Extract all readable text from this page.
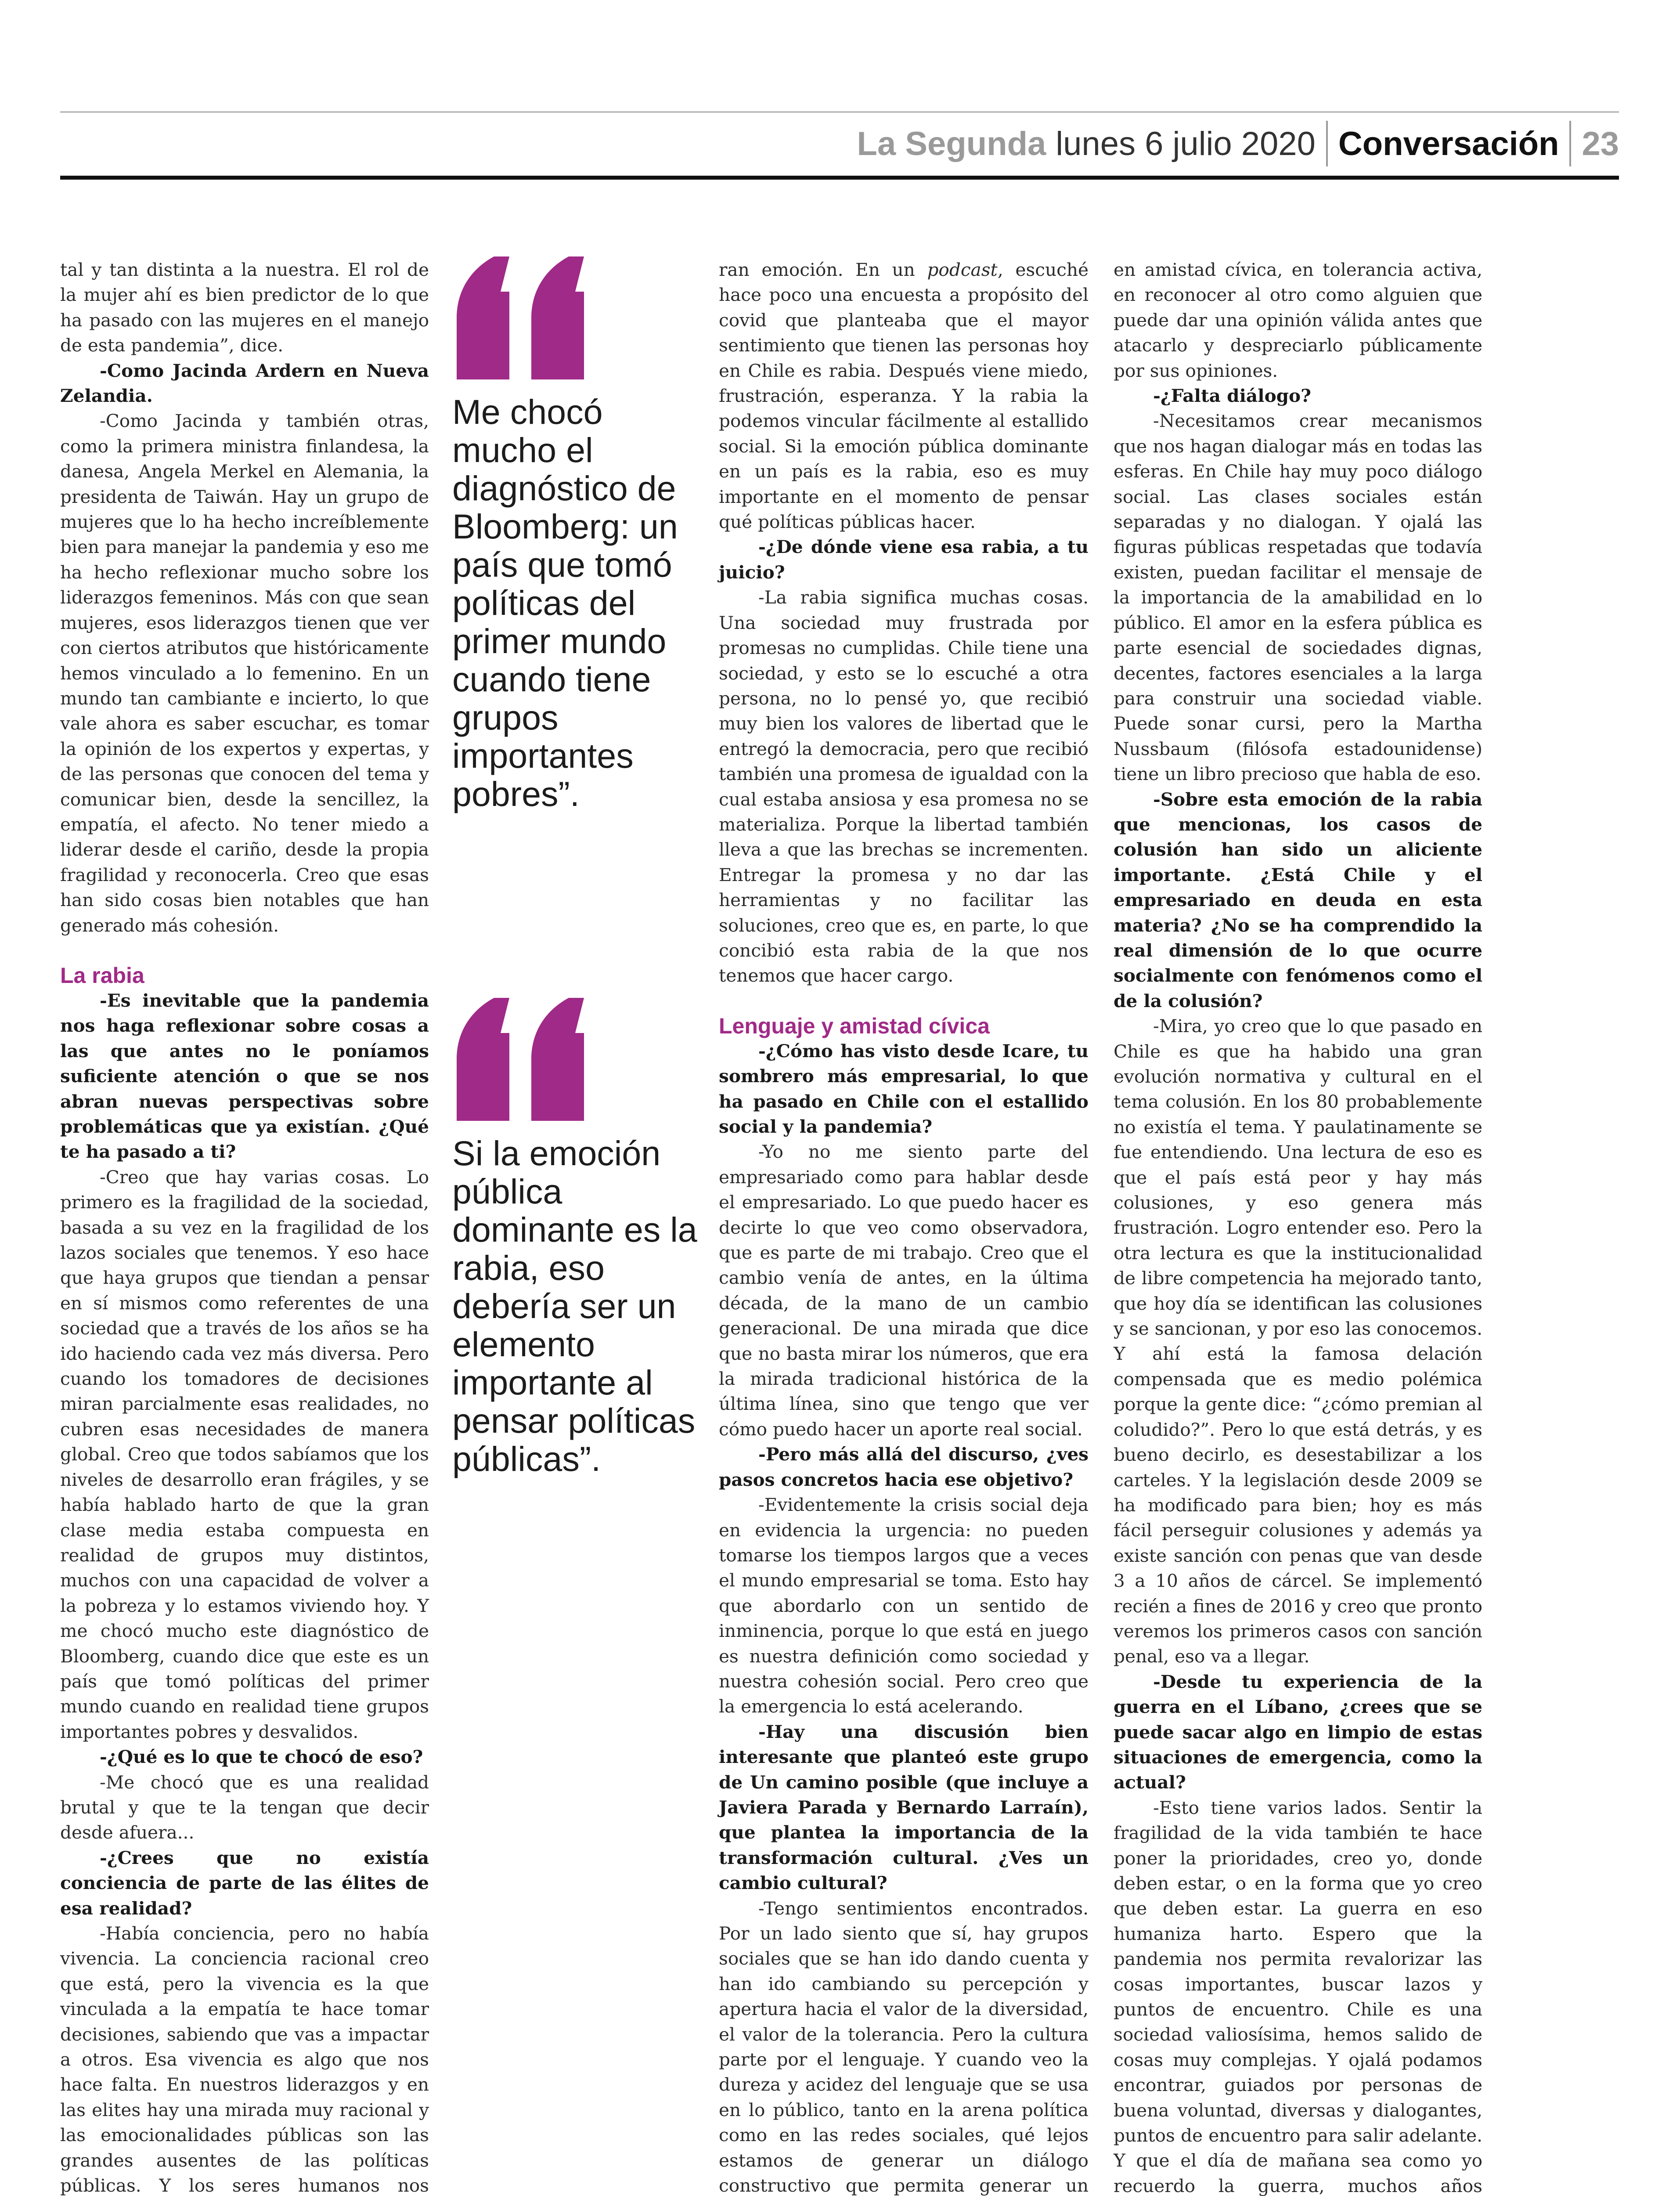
La Segunda lunes 6 julio 2020 Conversación 23

tal y tan distinta a la nuestra. El rol de la mujer ahí es bien predictor de lo que ha pasado con las mujeres en el manejo de esta pandemia”, dice.

-Como Jacinda Ardern en Nueva Zelandia.

-Como Jacinda y también otras, como la primera ministra finlandesa, la danesa, Angela Merkel en Alemania, la presidenta de Taiwán. Hay un grupo de mujeres que lo ha hecho increíblemente bien para manejar la pandemia y eso me ha hecho reflexionar mucho sobre los liderazgos femeninos. Más con que sean mujeres, esos liderazgos tienen que ver con ciertos atributos que históricamente hemos vinculado a lo femenino. En un mundo tan cambiante e incierto, lo que vale ahora es saber escuchar, es tomar la opinión de los expertos y expertas, y de las personas que conocen del tema y comunicar bien, desde la sencillez, la empatía, el afecto. No tener miedo a liderar desde el cariño, desde la propia fragilidad y reconocerla. Creo que esas han sido cosas bien notables que han generado más cohesión.

La rabia

-Es inevitable que la pandemia nos haga reflexionar sobre cosas a las que antes no le poníamos suficiente atención o que se nos abran nuevas perspectivas sobre problemáticas que ya existían. ¿Qué te ha pasado a ti?

-Creo que hay varias cosas. Lo primero es la fragilidad de la sociedad, basada a su vez en la fragilidad de los lazos sociales que tenemos. Y eso hace que haya grupos que tiendan a pensar en sí mismos como referentes de una sociedad que a través de los años se ha ido haciendo cada vez más diversa. Pero cuando los tomadores de decisiones miran parcialmente esas realidades, no cubren esas necesidades de manera global. Creo que todos sabíamos que los niveles de desarrollo eran frágiles, y se había hablado harto de que la gran clase media estaba compuesta en realidad de grupos muy distintos, muchos con una capacidad de volver a la pobreza y lo estamos viviendo hoy. Y me chocó mucho este diagnóstico de Bloomberg, cuando dice que este es un país que tomó políticas del primer mundo cuando en realidad tiene grupos importantes pobres y desvalidos.

-¿Qué es lo que te chocó de eso?

-Me chocó que es una realidad brutal y que te la tengan que decir desde afuera...

-¿Crees que no existía conciencia de parte de las élites de esa realidad?

-Había conciencia, pero no había vivencia. La conciencia racional creo que está, pero la vivencia es la que vinculada a la empatía te hace tomar decisiones, sabiendo que vas a impactar a otros. Esa vivencia es algo que nos hace falta. En nuestros liderazgos y en las elites hay una mirada muy racional y las emocionalidades públicas son las grandes ausentes de las políticas públicas. Y los seres humanos nos

Me chocó mucho el diagnóstico de Bloomberg: un país que tomó políticas del primer mundo cuando tiene grupos importantes pobres”.
Si la emoción pública dominante es la rabia, eso debería ser un elemento importante al pensar políticas públicas”.

ran emoción. En un podcast, escuché hace poco una encuesta a propósito del covid que planteaba que el mayor sentimiento que tienen las personas hoy en Chile es rabia. Después viene miedo, frustración, esperanza. Y la rabia la podemos vincular fácilmente al estallido social. Si la emoción pública dominante en un país es la rabia, eso es muy importante en el momento de pensar qué políticas públicas hacer.

-¿De dónde viene esa rabia, a tu juicio?

-La rabia significa muchas cosas. Una sociedad muy frustrada por promesas no cumplidas. Chile tiene una sociedad, y esto se lo escuché a otra persona, no lo pensé yo, que recibió muy bien los valores de libertad que le entregó la democracia, pero que recibió también una promesa de igualdad con la cual estaba ansiosa y esa promesa no se materializa. Porque la libertad también lleva a que las brechas se incrementen. Entregar la promesa y no dar las herramientas y no facilitar las soluciones, creo que es, en parte, lo que concibió esta rabia de la que nos tenemos que hacer cargo.

Lenguaje y amistad cívica

-¿Cómo has visto desde Icare, tu sombrero más empresarial, lo que ha pasado en Chile con el estallido social y la pandemia?

-Yo no me siento parte del empresariado como para hablar desde el empresariado. Lo que puedo hacer es decirte lo que veo como observadora, que es parte de mi trabajo. Creo que el cambio venía de antes, en la última década, de la mano de un cambio generacional. De una mirada que dice que no basta mirar los números, que era la mirada tradicional histórica de la última línea, sino que tengo que ver cómo puedo hacer un aporte real social.

-Pero más allá del discurso, ¿ves pasos concretos hacia ese objetivo?

-Evidentemente la crisis social deja en evidencia la urgencia: no pueden tomarse los tiempos largos que a veces el mundo empresarial se toma. Esto hay que abordarlo con un sentido de inminencia, porque lo que está en juego es nuestra definición como sociedad y nuestra cohesión social. Pero creo que la emergencia lo está acelerando.

-Hay una discusión bien interesante que planteó este grupo de Un camino posible (que incluye a Javiera Parada y Bernardo Larraín), que plantea la importancia de la transformación cultural. ¿Ves un cambio cultural?

-Tengo sentimientos encontrados. Por un lado siento que sí, hay grupos sociales que se han ido dando cuenta y han ido cambiando su percepción y apertura hacia el valor de la diversidad, el valor de la tolerancia. Pero la cultura parte por el lenguaje. Y cuando veo la dureza y acidez del lenguaje que se usa en lo público, tanto en la arena política como en las redes sociales, qué lejos estamos de generar un diálogo constructivo que permita generar un

en amistad cívica, en tolerancia activa, en reconocer al otro como alguien que puede dar una opinión válida antes que atacarlo y despreciarlo públicamente por sus opiniones.

-¿Falta diálogo?

-Necesitamos crear mecanismos que nos hagan dialogar más en todas las esferas. En Chile hay muy poco diálogo social. Las clases sociales están separadas y no dialogan. Y ojalá las figuras públicas respetadas que todavía existen, puedan facilitar el mensaje de la importancia de la amabilidad en lo público. El amor en la esfera pública es parte esencial de sociedades dignas, decentes, factores esenciales a la larga para construir una sociedad viable. Puede sonar cursi, pero la Martha Nussbaum (filósofa estadounidense) tiene un libro precioso que habla de eso.

-Sobre esta emoción de la rabia que mencionas, los casos de colusión han sido un aliciente importante. ¿Está Chile y el empresariado en deuda en esta materia? ¿No se ha comprendido la real dimensión de lo que ocurre socialmente con fenómenos como el de la colusión?

-Mira, yo creo que lo que pasado en Chile es que ha habido una gran evolución normativa y cultural en el tema colusión. En los 80 probablemente no existía el tema. Y paulatinamente se fue entendiendo. Una lectura de eso es que el país está peor y hay más colusiones, y eso genera más frustración. Logro entender eso. Pero la otra lectura es que la institucionalidad de libre competencia ha mejorado tanto, que hoy día se identifican las colusiones y se sancionan, y por eso las conocemos. Y ahí está la famosa delación compensada que es medio polémica porque la gente dice: “¿cómo premian al coludido?”. Pero lo que está detrás, y es bueno decirlo, es desestabilizar a los carteles. Y la legislación desde 2009 se ha modificado para bien; hoy es más fácil perseguir colusiones y además ya existe sanción con penas que van desde 3 a 10 años de cárcel. Se implementó recién a fines de 2016 y creo que pronto veremos los primeros casos con sanción penal, eso va a llegar.

-Desde tu experiencia de la guerra en el Líbano, ¿crees que se puede sacar algo en limpio de estas situaciones de emergencia, como la actual?

-Esto tiene varios lados. Sentir la fragilidad de la vida también te hace poner la prioridades, creo yo, donde deben estar, o en la forma que yo creo que deben estar. La guerra en eso humaniza harto. Espero que la pandemia nos permita revalorizar las cosas importantes, buscar lazos y puntos de encuentro. Chile es una sociedad valiosísima, hemos salido de cosas muy complejas. Y ojalá podamos encontrar, guiados por personas de buena voluntad, diversas y dialogantes, puntos de encuentro para salir adelante. Y que el día de mañana sea como yo recuerdo la guerra, muchos años
